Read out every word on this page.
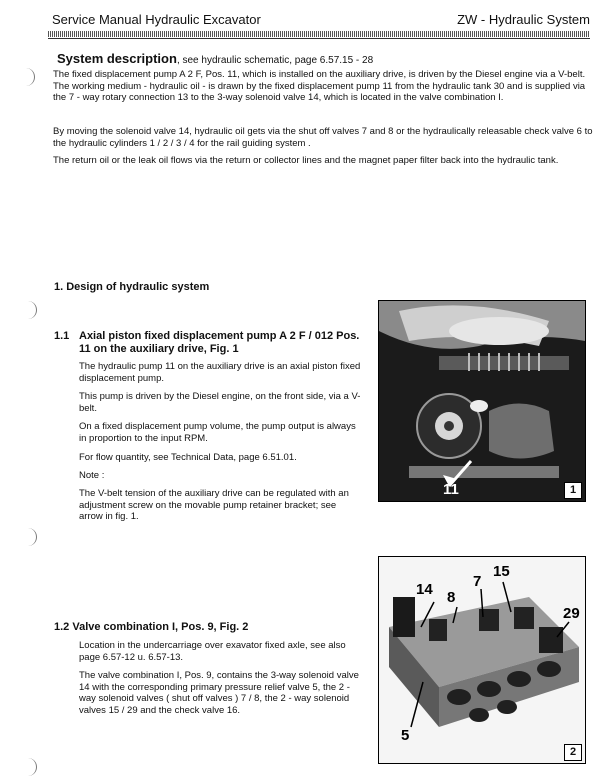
Service Manual Hydraulic Excavator	ZW - Hydraulic System
System description, see hydraulic schematic, page 6.57.15 - 28

The fixed displacement pump A 2 F, Pos. 11, which is installed on the auxiliary drive, is driven by the Diesel engine via a V-belt. The working medium - hydraulic oil - is drawn by the fixed displacement pump 11 from the hydraulic tank 30 and is supplied via the 7 - way rotary connection 13 to the 3-way solenoid valve 14, which is located in the valve combination I.

By moving the solenoid valve 14, hydraulic oil gets via the shut off valves 7 and 8 or the hydraulically releasable check valve 6 to the hydraulic cylinders 1 / 2 / 3 / 4 for the rail guiding system .

The return oil or the leak oil flows via the return or collector lines and the magnet paper filter back into the hydraulic tank.

1. Design of hydraulic system
1.1 Axial piston fixed displacement pump A 2 F / 012 Pos. 11 on the auxiliary drive, Fig. 1

The hydraulic pump 11 on the auxiliary drive is an axial piston fixed displacement pump.

This pump is driven by the Diesel engine, on the front side, via a V-belt.

On a fixed displacement pump volume, the pump output is always in proportion to the input RPM.

For flow quantity, see Technical Data, page 6.51.01.

Note :

The V-belt tension of the auxiliary drive can be regulated with an adjustment screw on the movable pump retainer bracket; see arrow in fig. 1.

11	1
1.2 Valve combination I, Pos. 9, Fig. 2

Location in the undercarriage over exavator fixed axle, see also page 6.57-12 u. 6.57-13.

The valve combination I, Pos. 9, contains the 3-way solenoid valve 14 with the corresponding primary pressure relief valve 5, the 2 - way solenoid valves ( shut off valves ) 7 / 8, the 2 - way solenoid valves 15 / 29 and the check valve 16.

14 8
7
15
29
5
2
